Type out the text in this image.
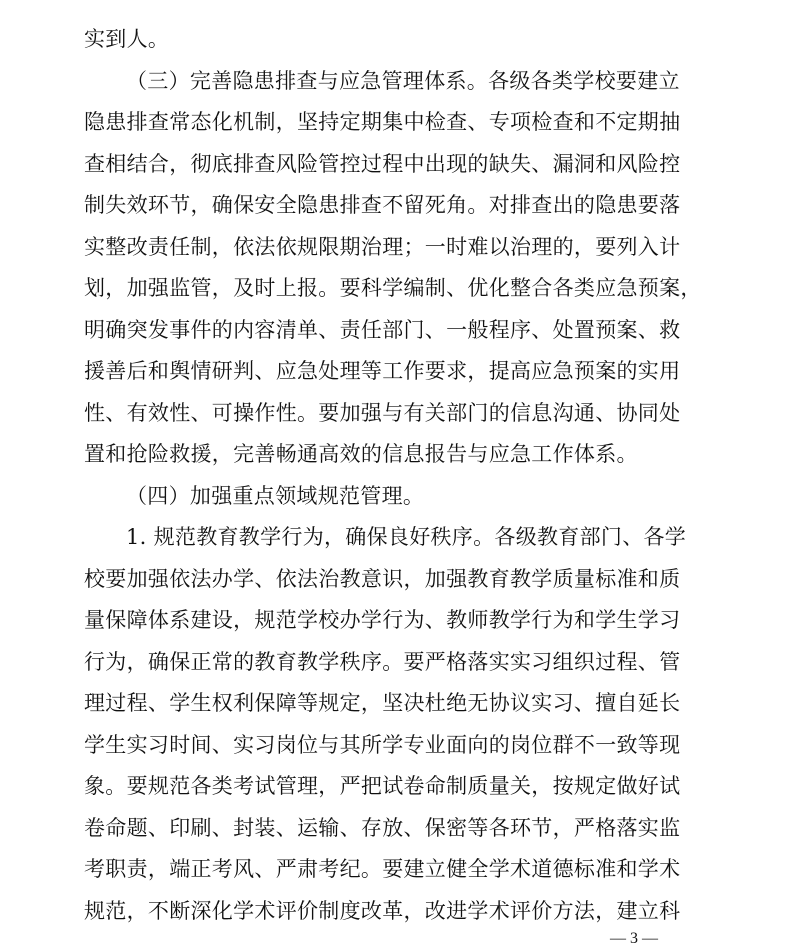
实到人。
（三）完善隐患排查与应急管理体系。各级各类学校要建立
隐患排查常态化机制，坚持定期集中检查、专项检查和不定期抽
查相结合，彻底排查风险管控过程中出现的缺失、漏洞和风险控
制失效环节，确保安全隐患排查不留死角。对排查出的隐患要落
实整改责任制，依法依规限期治理；一时难以治理的，要列入计
划，加强监管，及时上报。要科学编制、优化整合各类应急预案，
明确突发事件的内容清单、责任部门、一般程序、处置预案、救
援善后和舆情研判、应急处理等工作要求，提高应急预案的实用
性、有效性、可操作性。要加强与有关部门的信息沟通、协同处
置和抢险救援，完善畅通高效的信息报告与应急工作体系。
（四）加强重点领域规范管理。
1. 规范教育教学行为，确保良好秩序。各级教育部门、各学
校要加强依法办学、依法治教意识，加强教育教学质量标准和质
量保障体系建设，规范学校办学行为、教师教学行为和学生学习
行为，确保正常的教育教学秩序。要严格落实实习组织过程、管
理过程、学生权利保障等规定，坚决杜绝无协议实习、擅自延长
学生实习时间、实习岗位与其所学专业面向的岗位群不一致等现
象。要规范各类考试管理，严把试卷命制质量关，按规定做好试
卷命题、印刷、封装、运输、存放、保密等各环节，严格落实监
考职责，端正考风、严肃考纪。要建立健全学术道德标准和学术
规范，不断深化学术评价制度改革，改进学术评价方法，建立科
— 3 —
